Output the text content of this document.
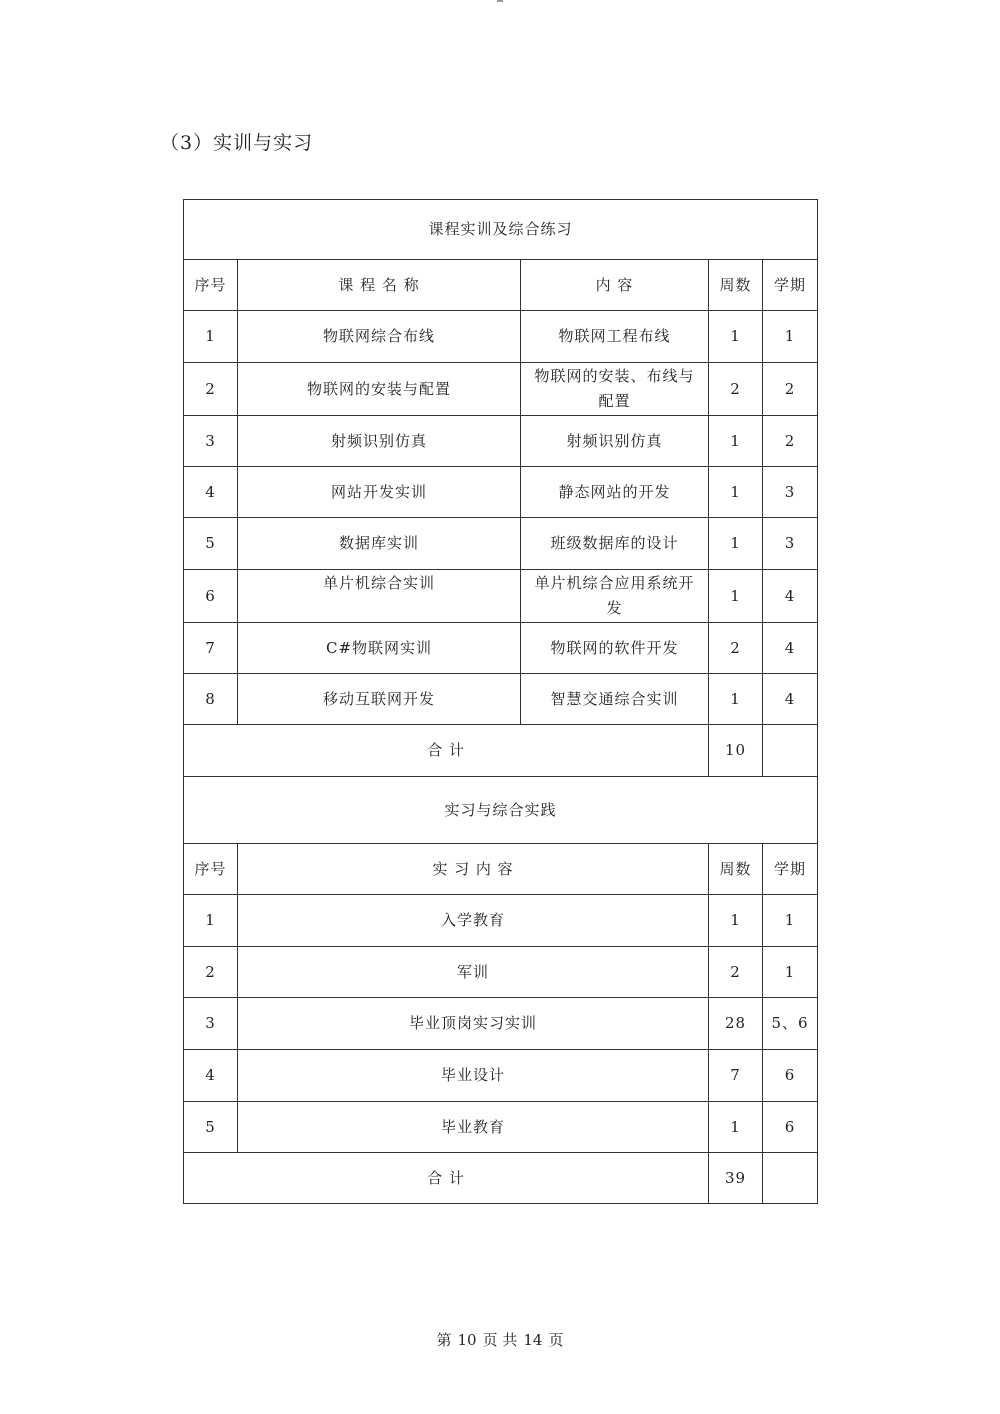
（3）实训与实习
课程实训及综合练习				
序号	课 程 名 称	内 容	周数	学期
1	物联网综合布线	物联网工程布线	1	1
2	物联网的安装与配置	物联网的安装、布线与配置	2	2
3	射频识别仿真	射频识别仿真	1	2
4	网站开发实训	静态网站的开发	1	3
5	数据库实训	班级数据库的设计	1	3
6	单片机综合实训	单片机综合应用系统开发	1	4
7	C#物联网实训	物联网的软件开发	2	4
8	移动互联网开发	智慧交通综合实训	1	4
合 计			10	
实习与综合实践				
序号	实 习 内 容		周数	学期
1	入学教育		1	1
2	军训		2	1
3	毕业顶岗实习实训		28	5、6
4	毕业设计		7	6
5	毕业教育		1	6
合 计			39	
第 10 页 共 14 页
